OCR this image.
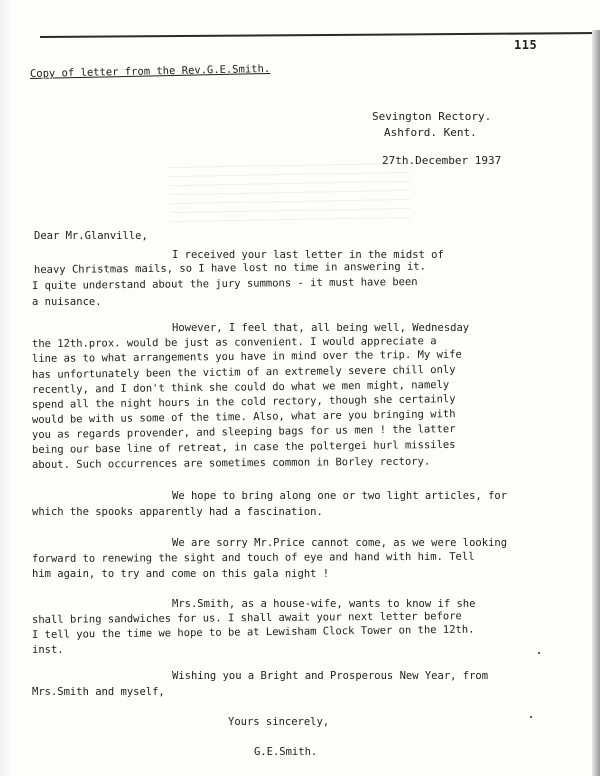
115
Copy of letter from the Rev.G.E.Smith.
Sevington Rectory.
Ashford. Kent.
27th.December 1937
Dear Mr.Glanville,
I received your last letter in the midst of
heavy Christmas mails, so I have lost no time in answering it.
I quite understand about the jury summons - it must have been
a nuisance.
However, I feel that, all being well, Wednesday
the 12th.prox. would be just as convenient. I would appreciate a
line as to what arrangements you have in mind over the trip. My wife
has unfortunately been the victim of an extremely severe chill only
recently, and I don't think she could do what we men might, namely
spend all the night hours in the cold rectory, though she certainly
would be with us some of the time. Also, what are you bringing with
you as regards provender, and sleeping bags for us men ! the latter
being our base line of retreat, in case the poltergei hurl missiles
about. Such occurrences are sometimes common in Borley rectory.
We hope to bring along one or two light articles, for
which the spooks apparently had a fascination.
We are sorry Mr.Price cannot come, as we were looking
forward to renewing the sight and touch of eye and hand with him. Tell
him again, to try and come on this gala night !
Mrs.Smith, as a house-wife, wants to know if she
shall bring sandwiches for us. I shall await your next letter before
I tell you the time we hope to be at Lewisham Clock Tower on the 12th.
inst.
Wishing you a Bright and Prosperous New Year, from
Mrs.Smith and myself,
Yours sincerely,
G.E.Smith.
